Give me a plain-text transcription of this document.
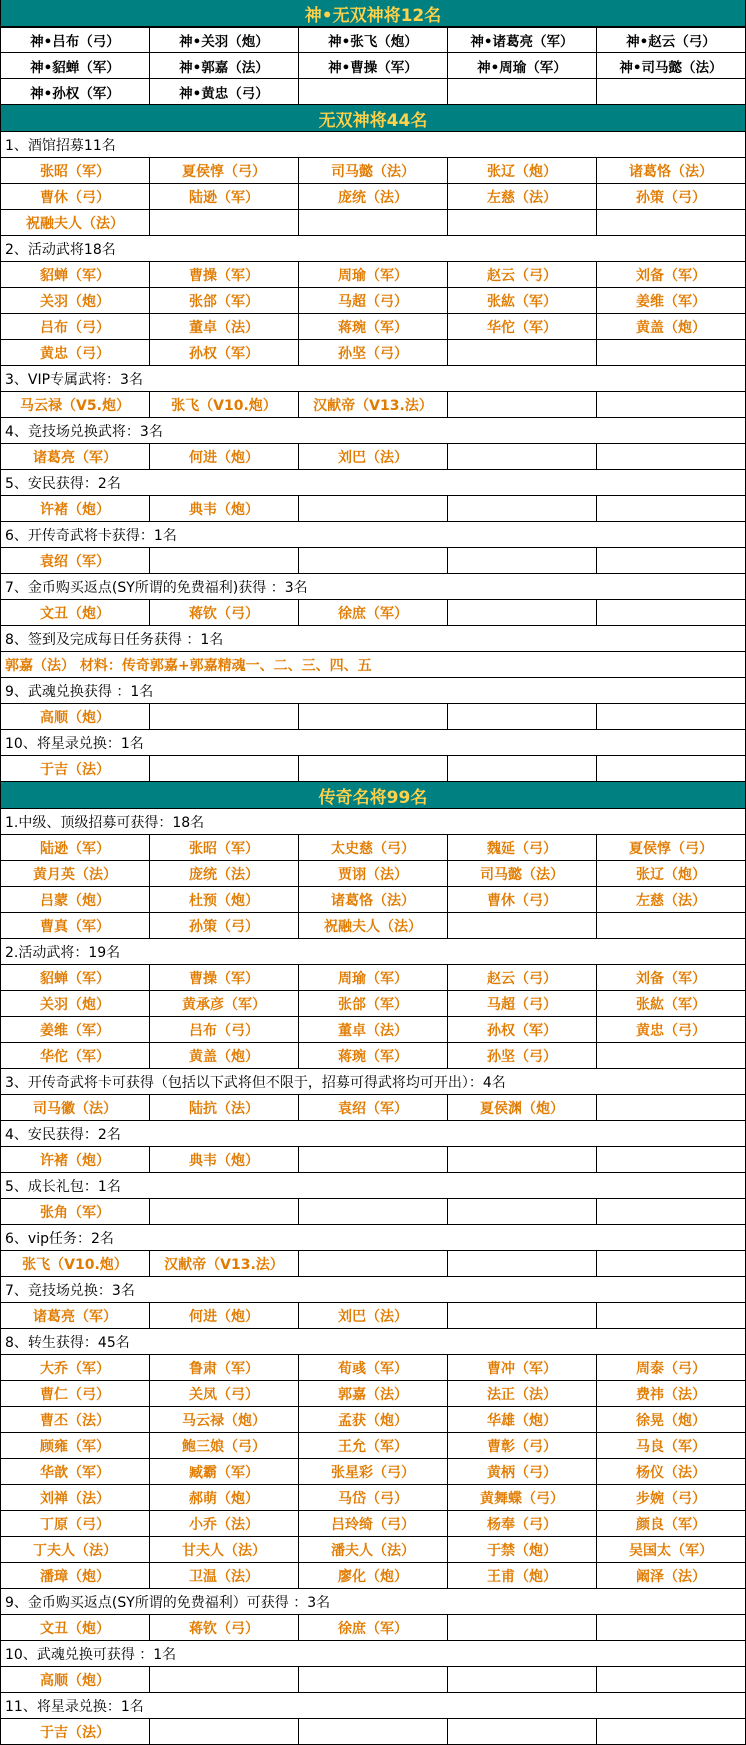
神•无双神将12名
神•吕布（弓）	神•关羽（炮）	神•张飞（炮）	神•诸葛亮（军）	神•赵云（弓）
神•貂蝉（军）	神•郭嘉（法）	神•曹操（军）	神•周瑜（军）	神•司马懿（法）
神•孙权（军）	神•黄忠（弓）
无双神将44名
1、酒馆招募11名
张昭（军）	夏侯惇（弓）	司马懿（法）	张辽（炮）	诸葛恪（法）
曹休（弓）	陆逊（军）	庞统（法）	左慈（法）	孙策（弓）
祝融夫人（法）
2、活动武将18名
貂蝉（军）	曹操（军）	周瑜（军）	赵云（弓）	刘备（军）
关羽（炮）	张郃（军）	马超（弓）	张紘（军）	姜维（军）
吕布（弓）	董卓（法）	蒋琬（军）	华佗（军）	黄盖（炮）
黄忠（弓）	孙权（军）	孙坚（弓）
3、VIP专属武将：3名
马云禄（V5.炮）	张飞（V10.炮）	汉献帝（V13.法）
4、竞技场兑换武将：3名
诸葛亮（军）	何进（炮）	刘巴（法）
5、安民获得：2名
许褚（炮）	典韦（炮）
6、开传奇武将卡获得：1名
袁绍（军）
7、金币购买返点(SY所谓的免费福利)获得 ：3名
文丑（炮）	蒋钦（弓）	徐庶（军）
8、签到及完成每日任务获得 ：1名
郭嘉（法） 材料：传奇郭嘉+郭嘉精魂一、二、三、四、五
9、武魂兑换获得 ：1名
高顺（炮）
10、将星录兑换：1名
于吉（法）
传奇名将99名
1.中级、顶级招募可获得：18名
陆逊（军）	张昭（军）	太史慈（弓）	魏延（弓）	夏侯惇（弓）
黄月英（法）	庞统（法）	贾诩（法）	司马懿（法）	张辽（炮）
吕蒙（炮）	杜预（炮）	诸葛恪（法）	曹休（弓）	左慈（法）
曹真（军）	孙策（弓）	祝融夫人（法）
2.活动武将：19名
貂蝉（军）	曹操（军）	周瑜（军）	赵云（弓）	刘备（军）
关羽（炮）	黄承彦（军）	张郃（军）	马超（弓）	张紘（军）
姜维（军）	吕布（弓）	董卓（法）	孙权（军）	黄忠（弓）
华佗（军）	黄盖（炮）	蒋琬（军）	孙坚（弓）
3、开传奇武将卡可获得（包括以下武将但不限于，招募可得武将均可开出）：4名
司马徽（法）	陆抗（法）	袁绍（军）	夏侯渊（炮）
4、安民获得：2名
许褚（炮）	典韦（炮）
5、成长礼包：1名
张角（军）
6、vip任务：2名
张飞（V10.炮）	汉献帝（V13.法）
7、竞技场兑换：3名
诸葛亮（军）	何进（炮）	刘巴（法）
8、转生获得：45名
大乔（军）	鲁肃（军）	荀彧（军）	曹冲（军）	周泰（弓）
曹仁（弓）	关凤（弓）	郭嘉（法）	法正（法）	费祎（法）
曹丕（法）	马云禄（炮）	孟获（炮）	华雄（炮）	徐晃（炮）
顾雍（军）	鲍三娘（弓）	王允（军）	曹彰（弓）	马良（军）
华歆（军）	臧霸（军）	张星彩（弓）	黄柄（弓）	杨仪（法）
刘禅（法）	郝萌（炮）	马岱（弓）	黄舞蝶（弓）	步婉（弓）
丁原（弓）	小乔（法）	吕玲绮（弓）	杨奉（弓）	颜良（军）
丁夫人（法）	甘夫人（法）	潘夫人（法）	于禁（炮）	吴国太（军）
潘璋（炮）	卫温（法）	廖化（炮）	王甫（炮）	阚泽（法）
9、金币购买返点(SY所谓的免费福利）可获得 ：3名
文丑（炮）	蒋钦（弓）	徐庶（军）
10、武魂兑换可获得 ：1名
高顺（炮）
11、将星录兑换：1名
于吉（法）
